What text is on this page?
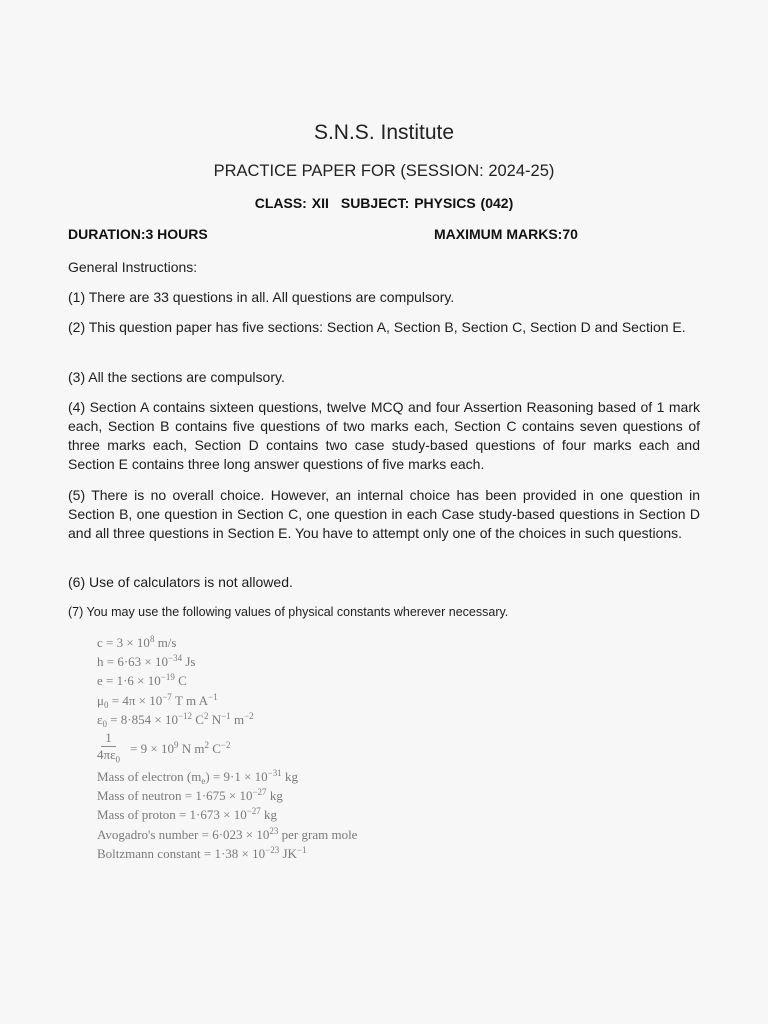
S.N.S. Institute
PRACTICE PAPER FOR (SESSION: 2024-25)
CLASS: XII SUBJECT: PHYSICS (042)
DURATION:3 HOURS	MAXIMUM MARKS:70
General Instructions:
(1) There are 33 questions in all. All questions are compulsory.
(2) This question paper has five sections: Section A, Section B, Section C, Section D and Section E.
(3) All the sections are compulsory.
(4) Section A contains sixteen questions, twelve MCQ and four Assertion Reasoning based of 1 mark each, Section B contains five questions of two marks each, Section C contains seven questions of three marks each, Section D contains two case study-based questions of four marks each and Section E contains three long answer questions of five marks each.
(5) There is no overall choice. However, an internal choice has been provided in one question in Section B, one question in Section C, one question in each Case study-based questions in Section D and all three questions in Section E. You have to attempt only one of the choices in such questions.
(6) Use of calculators is not allowed.
(7) You may use the following values of physical constants wherever necessary.
$c = 3 \times 10^8$ m/s
$h = 6\cdot 63 \times 10^{-34}$ Js
$e = 1\cdot 6 \times 10^{-19}$ C
$\mu_0 = 4\pi \times 10^{-7}$ T m $A^{-1}$
$\varepsilon_0 = 8\cdot 854 \times 10^{-12}$ $C^2$ $N^{-1}$ $m^{-2}$
$\frac{1}{4\pi\varepsilon_0} = 9 \times 10^9$ N $m^2$ $C^{-2}$
Mass of electron $(m_e) = 9\cdot 1 \times 10^{-31}$ kg
Mass of neutron = $1\cdot 675 \times 10^{-27}$ kg
Mass of proton = $1\cdot 673 \times 10^{-27}$ kg
Avogadro's number = $6\cdot 023 \times 10^{23}$ per gram mole
Boltzmann constant = $1\cdot 38 \times 10^{-23}$ $JK^{-1}$
